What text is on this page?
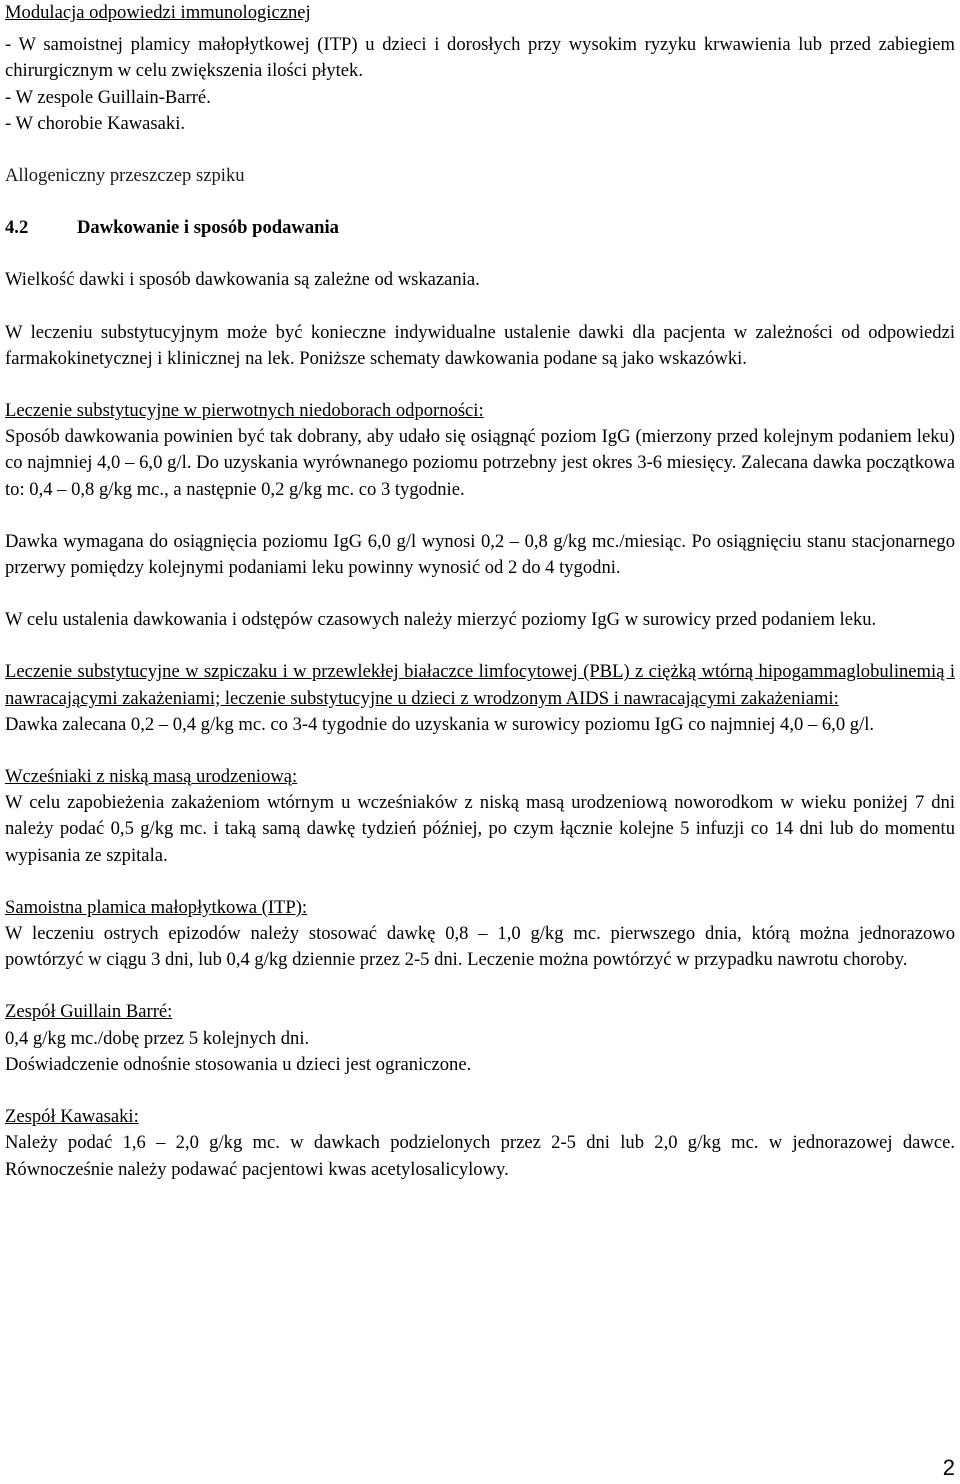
Modulacja odpowiedzi immunologicznej

- W samoistnej plamicy małopłytkowej (ITP) u dzieci i dorosłych przy wysokim ryzyku krwawienia lub przed zabiegiem chirurgicznym w celu zwiększenia ilości płytek.

- W zespole Guillain-Barré.

- W chorobie Kawasaki.

Allogeniczny przeszczep szpiku

4.2	Dawkowanie i sposób podawania

Wielkość dawki i sposób dawkowania są zależne od wskazania.

W leczeniu substytucyjnym może być konieczne indywidualne ustalenie dawki dla pacjenta w zależności od odpowiedzi farmakokinetycznej i klinicznej na lek. Poniższe schematy dawkowania podane są jako wskazówki.

Leczenie substytucyjne w pierwotnych niedoborach odporności:

Sposób dawkowania powinien być tak dobrany, aby udało się osiągnąć poziom IgG (mierzony przed kolejnym podaniem leku) co najmniej 4,0 – 6,0 g/l. Do uzyskania wyrównanego poziomu potrzebny jest okres 3-6 miesięcy. Zalecana dawka początkowa to: 0,4 – 0,8 g/kg mc., a następnie 0,2 g/kg mc. co 3 tygodnie.

Dawka wymagana do osiągnięcia poziomu IgG 6,0 g/l wynosi 0,2 – 0,8 g/kg mc./miesiąc. Po osiągnięciu stanu stacjonarnego przerwy pomiędzy kolejnymi podaniami leku powinny wynosić od 2 do 4 tygodni.

W celu ustalenia dawkowania i odstępów czasowych należy mierzyć poziomy IgG w surowicy przed podaniem leku.

Leczenie substytucyjne w szpiczaku i w przewlekłej białaczce limfocytowej (PBL) z ciężką wtórną hipogammaglobulinemią i nawracającymi zakażeniami; leczenie substytucyjne u dzieci z wrodzonym AIDS i nawracającymi zakażeniami:

Dawka zalecana 0,2 – 0,4 g/kg mc. co 3-4 tygodnie do uzyskania w surowicy poziomu IgG co najmniej 4,0 – 6,0 g/l.

Wcześniaki z niską masą urodzeniową:

W celu zapobieżenia zakażeniom wtórnym u wcześniaków z niską masą urodzeniową noworodkom w wieku poniżej 7 dni należy podać 0,5 g/kg mc. i taką samą dawkę tydzień później, po czym łącznie kolejne 5 infuzji co 14 dni lub do momentu wypisania ze szpitala.

Samoistna plamica małopłytkowa (ITP):

W leczeniu ostrych epizodów należy stosować dawkę 0,8 – 1,0 g/kg mc. pierwszego dnia, którą można jednorazowo powtórzyć w ciągu 3 dni, lub 0,4 g/kg dziennie przez 2-5 dni. Leczenie można powtórzyć w przypadku nawrotu choroby.

Zespół Guillain Barré:

0,4 g/kg mc./dobę przez 5 kolejnych dni.

Doświadczenie odnośnie stosowania u dzieci jest ograniczone.

Zespół Kawasaki:

Należy podać 1,6 – 2,0 g/kg mc. w dawkach podzielonych przez 2-5 dni lub 2,0 g/kg mc. w jednorazowej dawce. Równocześnie należy podawać pacjentowi kwas acetylosalicylowy.

2
